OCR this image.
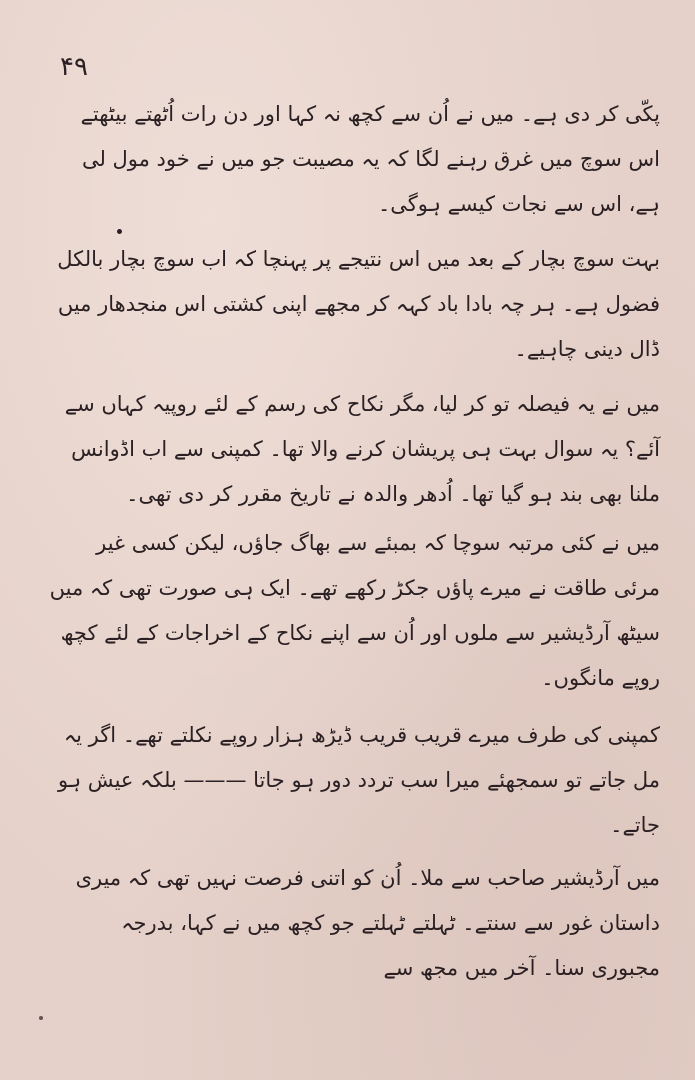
۴۹

پکّی کر دی ہے۔ میں نے اُن سے کچھ نہ کہا اور دن رات اُٹھتے بیٹھتے اس سوچ میں غرق رہنے لگا کہ یہ مصیبت جو میں نے خود مول لی ہے، اس سے نجات کیسے ہوگی۔

بہت سوچ بچار کے بعد میں اس نتیجے پر پہنچا کہ اب سوچ بچار بالکل فضول ہے۔ ہر چہ بادا باد کہہ کر مجھے اپنی کشتی اس منجدھار میں ڈال دینی چاہیے۔

میں نے یہ فیصلہ تو کر لیا، مگر نکاح کی رسم کے لئے روپیہ کہاں سے آئے؟ یہ سوال بہت ہی پریشان کرنے والا تھا۔ کمپنی سے اب اڈوانس ملنا بھی بند ہو گیا تھا۔ اُدھر والدہ نے تاریخ مقرر کر دی تھی۔

میں نے کئی مرتبہ سوچا کہ بمبئے سے بھاگ جاؤں، لیکن کسی غیر مرئی طاقت نے میرے پاؤں جکڑ رکھے تھے۔ ایک ہی صورت تھی کہ میں سیٹھ آرڈیشیر سے ملوں اور اُن سے اپنے نکاح کے اخراجات کے لئے کچھ روپے مانگوں۔

کمپنی کی طرف میرے قریب قریب ڈیڑھ ہزار روپے نکلتے تھے۔ اگر یہ مل جاتے تو سمجھئے میرا سب تردد دور ہو جاتا ——— بلکہ عیش ہو جاتے۔

میں آرڈیشیر صاحب سے ملا۔ اُن کو اتنی فرصت نہیں تھی کہ میری داستان غور سے سنتے۔ ٹہلتے ٹہلتے جو کچھ میں نے کہا، بدرجہ مجبوری سنا۔ آخر میں مجھ سے
